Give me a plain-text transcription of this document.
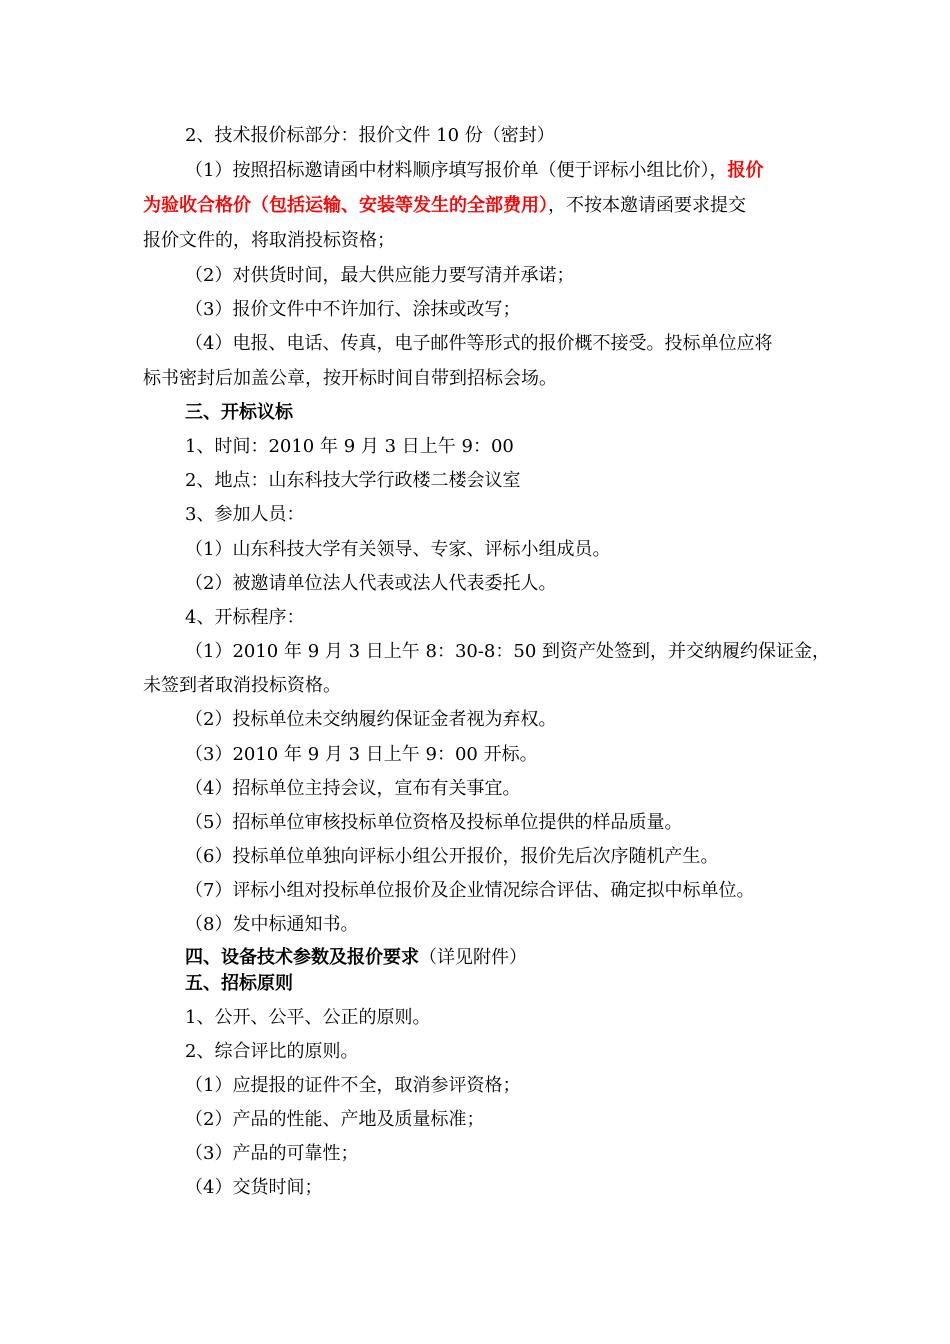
2、技术报价标部分：报价文件 10 份（密封）
（1）按照招标邀请函中材料顺序填写报价单（便于评标小组比价），报价
为验收合格价（包括运输、安装等发生的全部费用），不按本邀请函要求提交
报价文件的，将取消投标资格；
（2）对供货时间，最大供应能力要写清并承诺；
（3）报价文件中不许加行、涂抹或改写；
（4）电报、电话、传真，电子邮件等形式的报价概不接受。投标单位应将
标书密封后加盖公章，按开标时间自带到招标会场。
三、开标议标
1、时间：2010 年 9 月 3 日上午 9：00
2、地点：山东科技大学行政楼二楼会议室
3、参加人员：
（1）山东科技大学有关领导、专家、评标小组成员。
（2）被邀请单位法人代表或法人代表委托人。
4、开标程序：
（1）2010 年 9 月 3 日上午 8：30-8：50 到资产处签到，并交纳履约保证金，
未签到者取消投标资格。
（2）投标单位未交纳履约保证金者视为弃权。
（3）2010 年 9 月 3 日上午 9：00 开标。
（4）招标单位主持会议，宣布有关事宜。
（5）招标单位审核投标单位资格及投标单位提供的样品质量。
（6）投标单位单独向评标小组公开报价，报价先后次序随机产生。
（7）评标小组对投标单位报价及企业情况综合评估、确定拟中标单位。
（8）发中标通知书。
四、设备技术参数及报价要求（详见附件）
五、招标原则
1、公开、公平、公正的原则。
2、综合评比的原则。
（1）应提报的证件不全，取消参评资格；
（2）产品的性能、产地及质量标准；
（3）产品的可靠性；
（4）交货时间；
